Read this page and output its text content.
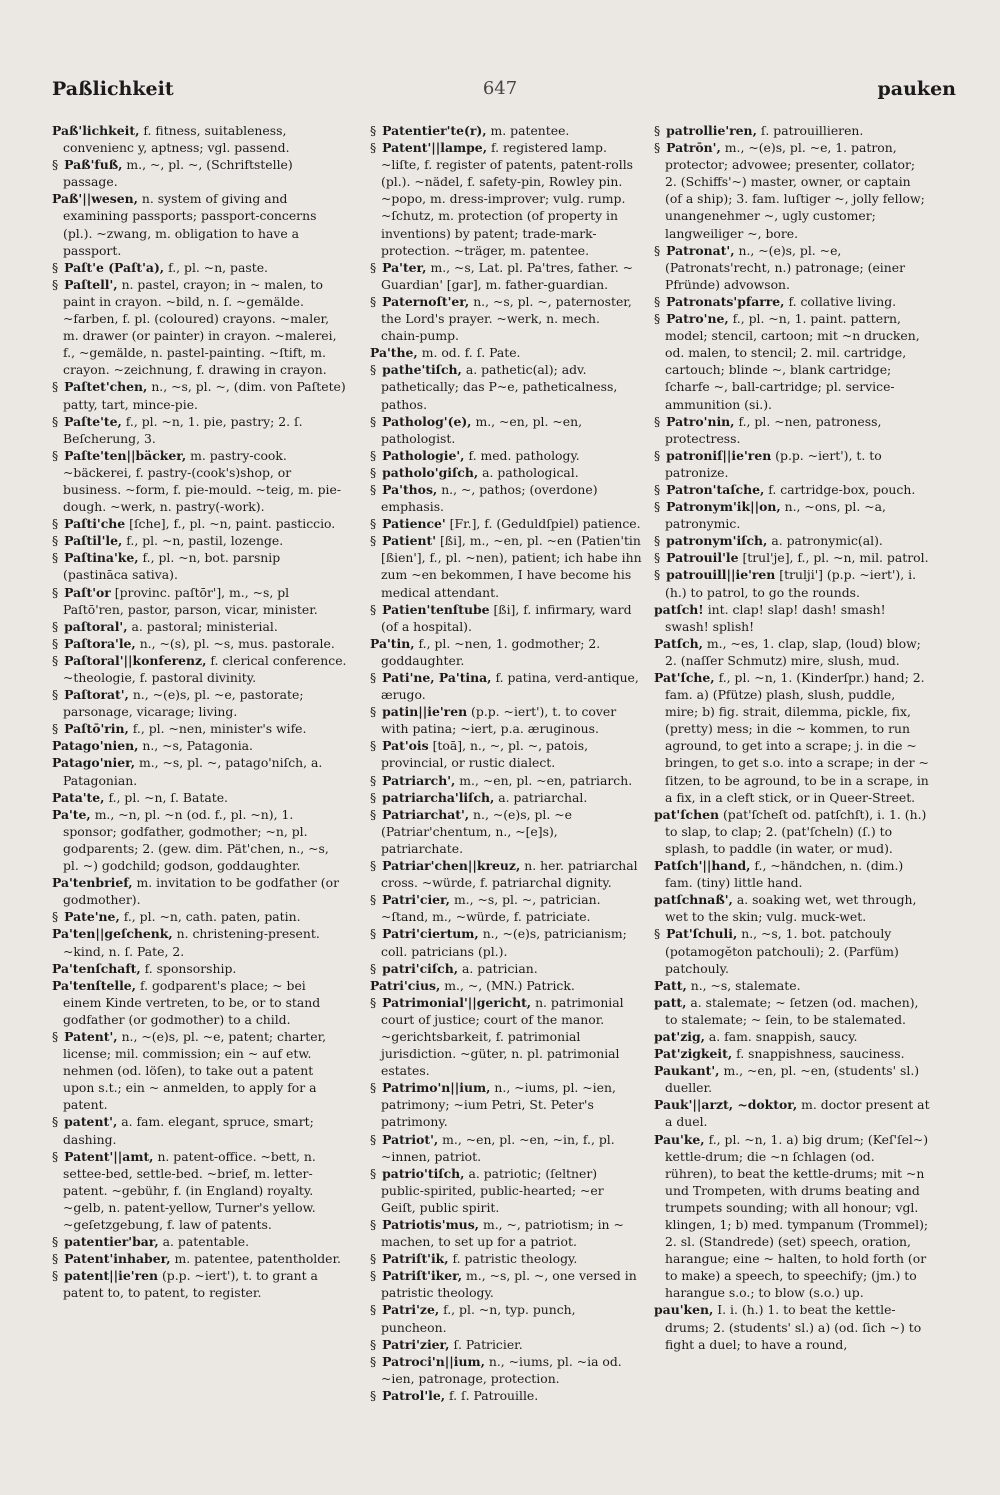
Paßlichkeit	647	pauken

Paß'lichkeit, f. fitness, suitableness, convenienc y, aptness; vgl. passend.

§ Paß'fuß, m., ~, pl. ~, (Schriftstelle) passage.

Paß'||wesen, n. system of giving and examining passports; passport-concerns (pl.). ~zwang, m. obligation to have a passport.

§ Paſt'e (Paſt'a), f., pl. ~n, paste.

§ Paſtell', n. pastel, crayon; in ~ malen, to paint in crayon. ~bild, n. ſ. ~gemälde. ~farben, f. pl. (coloured) crayons. ~maler, m. drawer (or painter) in crayon. ~malerei, f., ~gemälde, n. pastel-painting. ~ſtift, m. crayon. ~zeichnung, f. drawing in crayon.

§ Paſtet'chen, n., ~s, pl. ~, (dim. von Paſtete) patty, tart, mince-pie.

§ Paſte'te, f., pl. ~n, 1. pie, pastry; 2. ſ. Beſcherung, 3.

§ Paſte'ten||bäcker, m. pastry-cook. ~bäckerei, f. pastry-(cook's)shop, or business. ~form, f. pie-mould. ~teig, m. pie-dough. ~werk, n. pastry(-work).

§ Paſti'che [ſche], f., pl. ~n, paint. pasticcio.

§ Paſtil'le, f., pl. ~n, pastil, lozenge.

§ Paſtina'ke, f., pl. ~n, bot. parsnip (pastināca sativa).

§ Paſt'or [provinc. paſtōr'], m., ~s, pl Paſtō'ren, pastor, parson, vicar, minister.

§ paſtoral', a. pastoral; ministerial.

§ Paſtora'le, n., ~(s), pl. ~s, mus. pastorale.

§ Paſtoral'||konferenz, f. clerical conference. ~theologie, f. pastoral divinity.

§ Paſtorat', n., ~(e)s, pl. ~e, pastorate; parsonage, vicarage; living.

§ Paſtō'rin, f., pl. ~nen, minister's wife.

Patago'nien, n., ~s, Patagonia.

Patago'nier, m., ~s, pl. ~, patago'niſch, a. Patagonian.

Pata'te, f., pl. ~n, ſ. Batate.

Pa'te, m., ~n, pl. ~n (od. f., pl. ~n), 1. sponsor; godfather, godmother; ~n, pl. godparents; 2. (gew. dim. Pät'chen, n., ~s, pl. ~) godchild; godson, goddaughter.

Pa'tenbrief, m. invitation to be godfather (or godmother).

§ Pate'ne, f., pl. ~n, cath. paten, patin.

Pa'ten||geſchenk, n. christening-present. ~kind, n. ſ. Pate, 2.

Pa'tenſchaft, f. sponsorship.

Pa'tenſtelle, f. godparent's place; ~ bei einem Kinde vertreten, to be, or to stand godfather (or godmother) to a child.

§ Patent', n., ~(e)s, pl. ~e, patent; charter, license; mil. commission; ein ~ auf etw. nehmen (od. löſen), to take out a patent upon s.t.; ein ~ anmelden, to apply for a patent.

§ patent', a. fam. elegant, spruce, smart; dashing.

§ Patent'||amt, n. patent-office. ~bett, n. settee-bed, settle-bed. ~brief, m. letter-patent. ~gebühr, f. (in England) royalty. ~gelb, n. patent-yellow, Turner's yellow. ~geſetzgebung, f. law of patents.

§ patentier'bar, a. patentable.

§ Patent'inhaber, m. patentee, patentholder.

§ patent||ie'ren (p.p. ~iert'), t. to grant a patent to, to patent, to register.

§ Patentier'te(r), m. patentee.

§ Patent'||lampe, f. registered lamp. ~liſte, f. register of patents, patent-rolls (pl.). ~nädel, f. safety-pin, Rowley pin. ~popo, m. dress-improver; vulg. rump. ~ſchutz, m. protection (of property in inventions) by patent; trade-mark-protection. ~träger, m. patentee.

§ Pa'ter, m., ~s, Lat. pl. Pa'tres, father. ~ Guardian' [gar], m. father-guardian.

§ Paternoſt'er, n., ~s, pl. ~, paternoster, the Lord's prayer. ~werk, n. mech. chain-pump.

Pa'the, m. od. f. ſ. Pate.

§ pathe'tiſch, a. pathetic(al); adv. pathetically; das P~e, patheticalness, pathos.

§ Patholog'(e), m., ~en, pl. ~en, pathologist.

§ Pathologie', f. med. pathology.

§ patholo'giſch, a. pathological.

§ Pa'thos, n., ~, pathos; (overdone) emphasis.

§ Patience' [Fr.], f. (Geduldſpiel) patience.

§ Patient' [ßi], m., ~en, pl. ~en (Patien'tin [ßien'], f., pl. ~nen), patient; ich habe ihn zum ~en bekommen, I have become his medical attendant.

§ Patien'tenſtube [ßi], f. infirmary, ward (of a hospital).

Pa'tin, f., pl. ~nen, 1. godmother; 2. goddaughter.

§ Pati'ne, Pa'tina, f. patina, verd-antique, ærugo.

§ patin||ie'ren (p.p. ~iert'), t. to cover with patina; ~iert, p.a. æruginous.

§ Pat'ois [toā], n., ~, pl. ~, patois, provincial, or rustic dialect.

§ Patriarch', m., ~en, pl. ~en, patriarch.

§ patriarcha'liſch, a. patriarchal.

§ Patriarchat', n., ~(e)s, pl. ~e (Patriar'chentum, n., ~[e]s), patriarchate.

§ Patriar'chen||kreuz, n. her. patriarchal cross. ~würde, f. patriarchal dignity.

§ Patri'cier, m., ~s, pl. ~, patrician. ~ſtand, m., ~würde, f. patriciate.

§ Patri'ciertum, n., ~(e)s, patricianism; coll. patricians (pl.).

§ patri'ciſch, a. patrician.

Patri'cius, m., ~, (MN.) Patrick.

§ Patrimonial'||gericht, n. patrimonial court of justice; court of the manor. ~gerichtsbarkeit, f. patrimonial jurisdiction. ~güter, n. pl. patrimonial estates.

§ Patrimo'n||ium, n., ~iums, pl. ~ien, patrimony; ~ium Petri, St. Peter's patrimony.

§ Patriot', m., ~en, pl. ~en, ~in, f., pl. ~innen, patriot.

§ patrio'tiſch, a. patriotic; (ſeltner) public-spirited, public-hearted; ~er Geiſt, public spirit.

§ Patriotis'mus, m., ~, patriotism; in ~ machen, to set up for a patriot.

§ Patriſt'ik, f. patristic theology.

§ Patriſt'iker, m., ~s, pl. ~, one versed in patristic theology.

§ Patri'ze, f., pl. ~n, typ. punch, puncheon.

§ Patri'zier, ſ. Patricier.

§ Patroci'n||ium, n., ~iums, pl. ~ia od. ~ien, patronage, protection.

§ Patrol'le, f. ſ. Patrouille.

§ patrollie'ren, ſ. patrouillieren.

§ Patrōn', m., ~(e)s, pl. ~e, 1. patron, protector; advowee; presenter, collator; 2. (Schiffs'~) master, owner, or captain (of a ship); 3. fam. luſtiger ~, jolly fellow; unangenehmer ~, ugly customer; langweiliger ~, bore.

§ Patronat', n., ~(e)s, pl. ~e, (Patronats'recht, n.) patronage; (einer Pfründe) advowson.

§ Patronats'pfarre, f. collative living.

§ Patro'ne, f., pl. ~n, 1. paint. pattern, model; stencil, cartoon; mit ~n drucken, od. malen, to stencil; 2. mil. cartridge, cartouch; blinde ~, blank cartridge; ſcharfe ~, ball-cartridge; pl. service-ammunition (si.).

§ Patro'nin, f., pl. ~nen, patroness, protectress.

§ patroniſ||ie'ren (p.p. ~iert'), t. to patronize.

§ Patron'taſche, f. cartridge-box, pouch.

§ Patronym'ik||on, n., ~ons, pl. ~a, patronymic.

§ patronym'iſch, a. patronymic(al).

§ Patrouil'le [trul'je], f., pl. ~n, mil. patrol.

§ patrouill||ie'ren [trulji'] (p.p. ~iert'), i. (h.) to patrol, to go the rounds.

patſch! int. clap! slap! dash! smash! swash! splish!

Patſch, m., ~es, 1. clap, slap, (loud) blow; 2. (naſſer Schmutz) mire, slush, mud.

Pat'ſche, f., pl. ~n, 1. (Kinderſpr.) hand; 2. fam. a) (Pfütze) plash, slush, puddle, mire; b) fig. strait, dilemma, pickle, fix, (pretty) mess; in die ~ kommen, to run aground, to get into a scrape; j. in die ~ bringen, to get s.o. into a scrape; in der ~ ſitzen, to be aground, to be in a scrape, in a fix, in a cleft stick, or in Queer-Street.

pat'ſchen (pat'ſcheſt od. patſchſt), i. 1. (h.) to slap, to clap; 2. (pat'ſcheln) (ſ.) to splash, to paddle (in water, or mud).

Patſch'||hand, f., ~händchen, n. (dim.) fam. (tiny) little hand.

patſchnaß', a. soaking wet, wet through, wet to the skin; vulg. muck-wet.

§ Pat'ſchuli, n., ~s, 1. bot. patchouly (potamogĕton patchouli); 2. (Parfüm) patchouly.

Patt, n., ~s, stalemate.

patt, a. stalemate; ~ ſetzen (od. machen), to stalemate; ~ ſein, to be stalemated.

pat'zig, a. fam. snappish, saucy.

Pat'zigkeit, f. snappishness, sauciness.

Paukant', m., ~en, pl. ~en, (students' sl.) dueller.

Pauk'||arzt, ~doktor, m. doctor present at a duel.

Pau'ke, f., pl. ~n, 1. a) big drum; (Keſ'ſel~) kettle-drum; die ~n ſchlagen (od. rühren), to beat the kettle-drums; mit ~n und Trompeten, with drums beating and trumpets sounding; with all honour; vgl. klingen, 1; b) med. tympanum (Trommel); 2. sl. (Standrede) (set) speech, oration, harangue; eine ~ halten, to hold forth (or to make) a speech, to speechify; (jm.) to harangue s.o.; to blow (s.o.) up.

pau'ken, I. i. (h.) 1. to beat the kettle-drums; 2. (students' sl.) a) (od. ſich ~) to fight a duel; to have a round,
